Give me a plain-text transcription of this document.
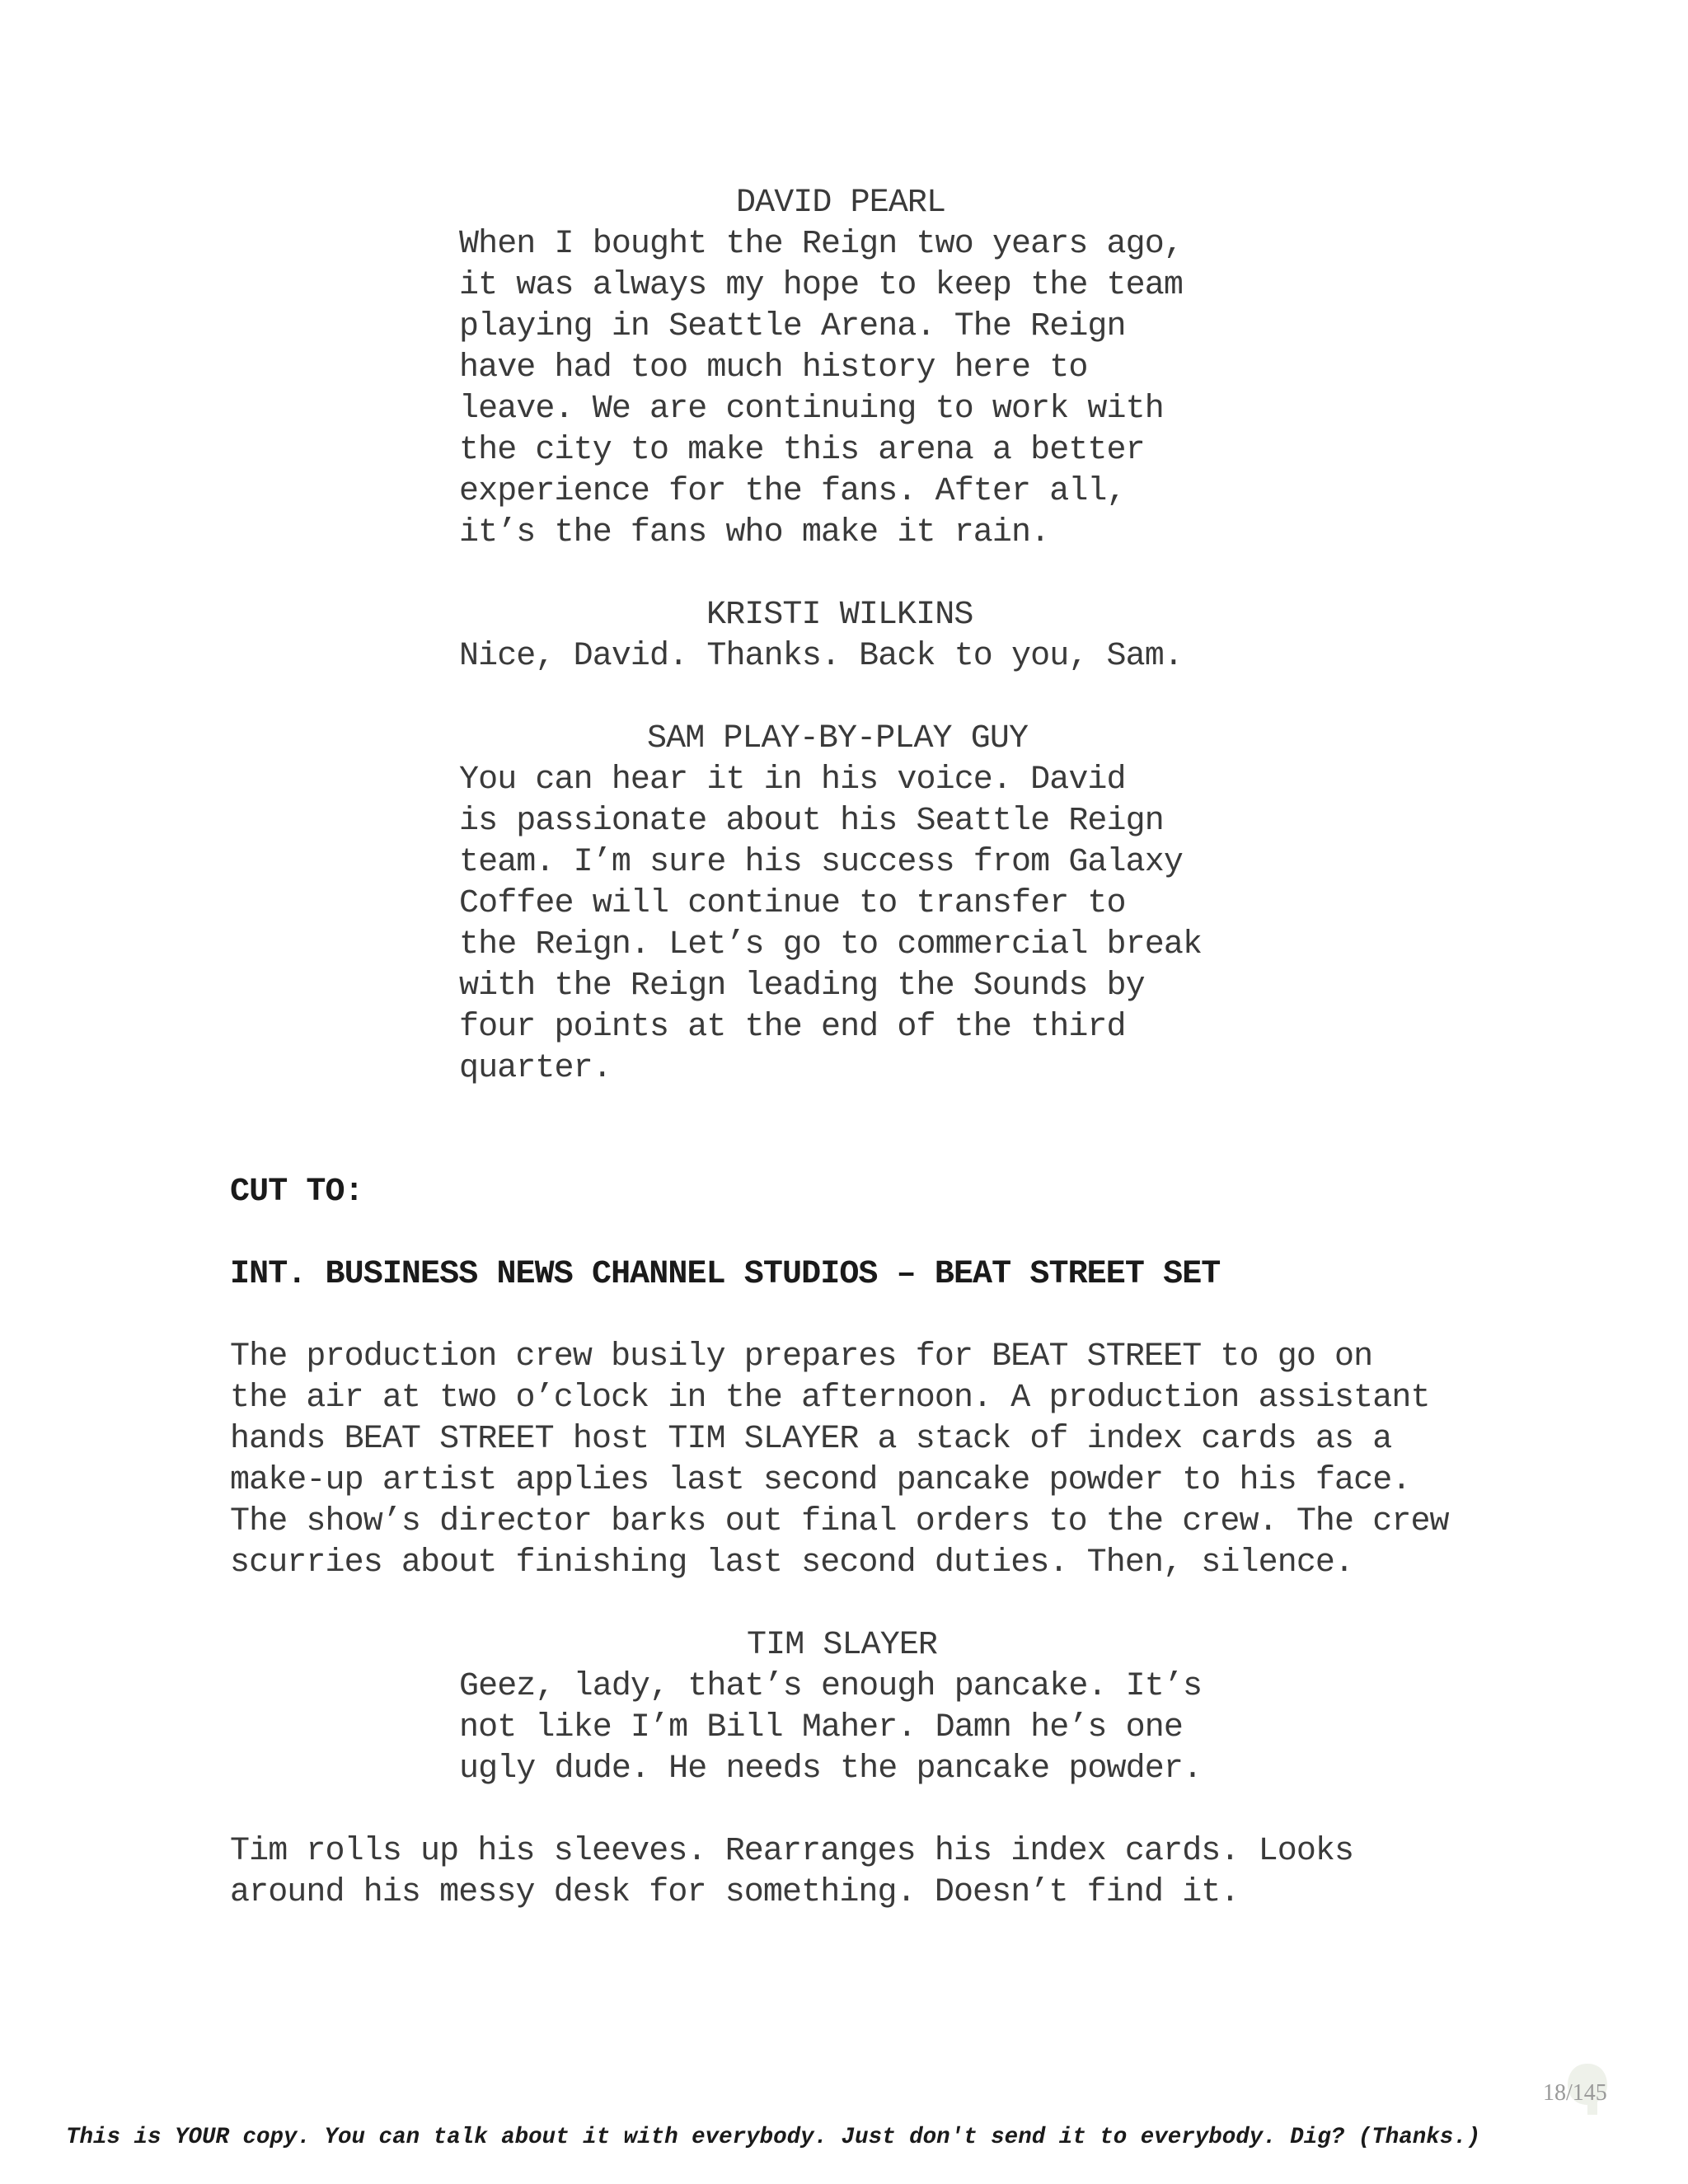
DAVID PEARL
When I bought the Reign two years ago,
it was always my hope to keep the team
playing in Seattle Arena. The Reign
have had too much history here to
leave. We are continuing to work with
the city to make this arena a better
experience for the fans. After all,
it’s the fans who make it rain.
KRISTI WILKINS
Nice, David. Thanks. Back to you, Sam.
SAM PLAY-BY-PLAY GUY
You can hear it in his voice. David
is passionate about his Seattle Reign
team. I’m sure his success from Galaxy
Coffee will continue to transfer to
the Reign. Let’s go to commercial break
with the Reign leading the Sounds by
four points at the end of the third
quarter.
CUT TO:
INT. BUSINESS NEWS CHANNEL STUDIOS – BEAT STREET SET
The production crew busily prepares for BEAT STREET to go on
the air at two o’clock in the afternoon. A production assistant
hands BEAT STREET host TIM SLAYER a stack of index cards as a
make-up artist applies last second pancake powder to his face.
The show’s director barks out final orders to the crew. The crew
scurries about finishing last second duties. Then, silence.
TIM SLAYER
Geez, lady, that’s enough pancake. It’s
not like I’m Bill Maher. Damn he’s one
ugly dude. He needs the pancake powder.
Tim rolls up his sleeves. Rearranges his index cards. Looks
around his messy desk for something. Doesn’t find it.
18/145
This is YOUR copy. You can talk about it with everybody. Just don't send it to everybody. Dig? (Thanks.)
